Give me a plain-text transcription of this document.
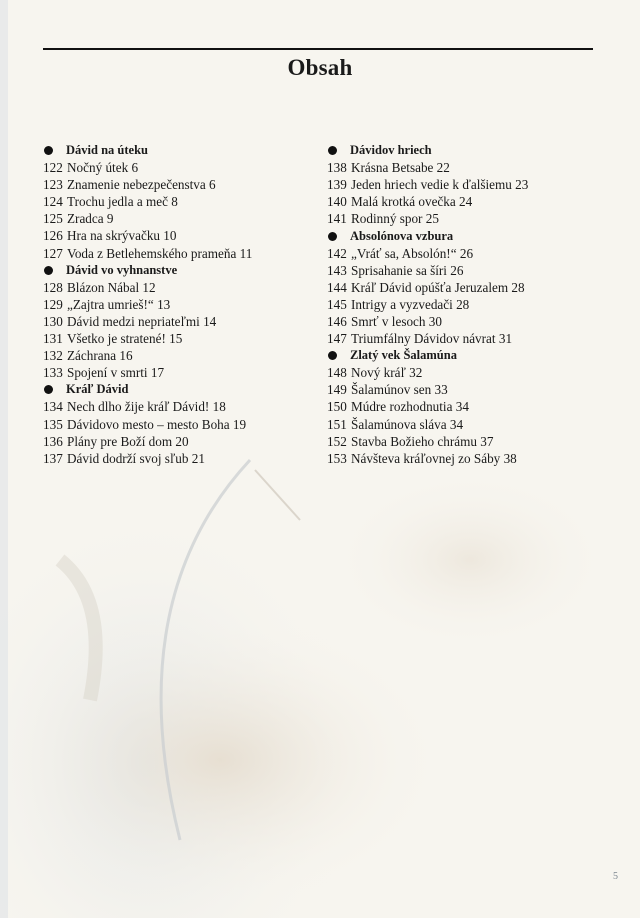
Obsah
Dávid na úteku
122 Nočný útek 6
123 Znamenie nebezpečenstva 6
124 Trochu jedla a meč 8
125 Zradca 9
126 Hra na skrývačku 10
127 Voda z Betlehemského prameňa 11
Dávid vo vyhnanstve
128 Blázon Nábal 12
129 „Zajtra umrieš!“ 13
130 Dávid medzi nepriateľmi 14
131 Všetko je stratené! 15
132 Záchrana 16
133 Spojení v smrti 17
Kráľ Dávid
134 Nech dlho žije kráľ Dávid! 18
135 Dávidovo mesto – mesto Boha 19
136 Plány pre Boží dom 20
137 Dávid dodrží svoj sľub 21
Dávidov hriech
138 Krásna Betsabe 22
139 Jeden hriech vedie k ďalšiemu 23
140 Malá krotká ovečka 24
141 Rodinný spor 25
Absolónova vzbura
142 „Vráť sa, Absolón!“ 26
143 Sprisahanie sa šíri 26
144 Kráľ Dávid opúšťa Jeruzalem 28
145 Intrigy a vyzvedači 28
146 Smrť v lesoch 30
147 Triumfálny Dávidov návrat 31
Zlatý vek Šalamúna
148 Nový kráľ 32
149 Šalamúnov sen 33
150 Múdre rozhodnutia 34
151 Šalamúnova sláva 34
152 Stavba Božieho chrámu 37
153 Návšteva kráľovnej zo Sáby 38
5
